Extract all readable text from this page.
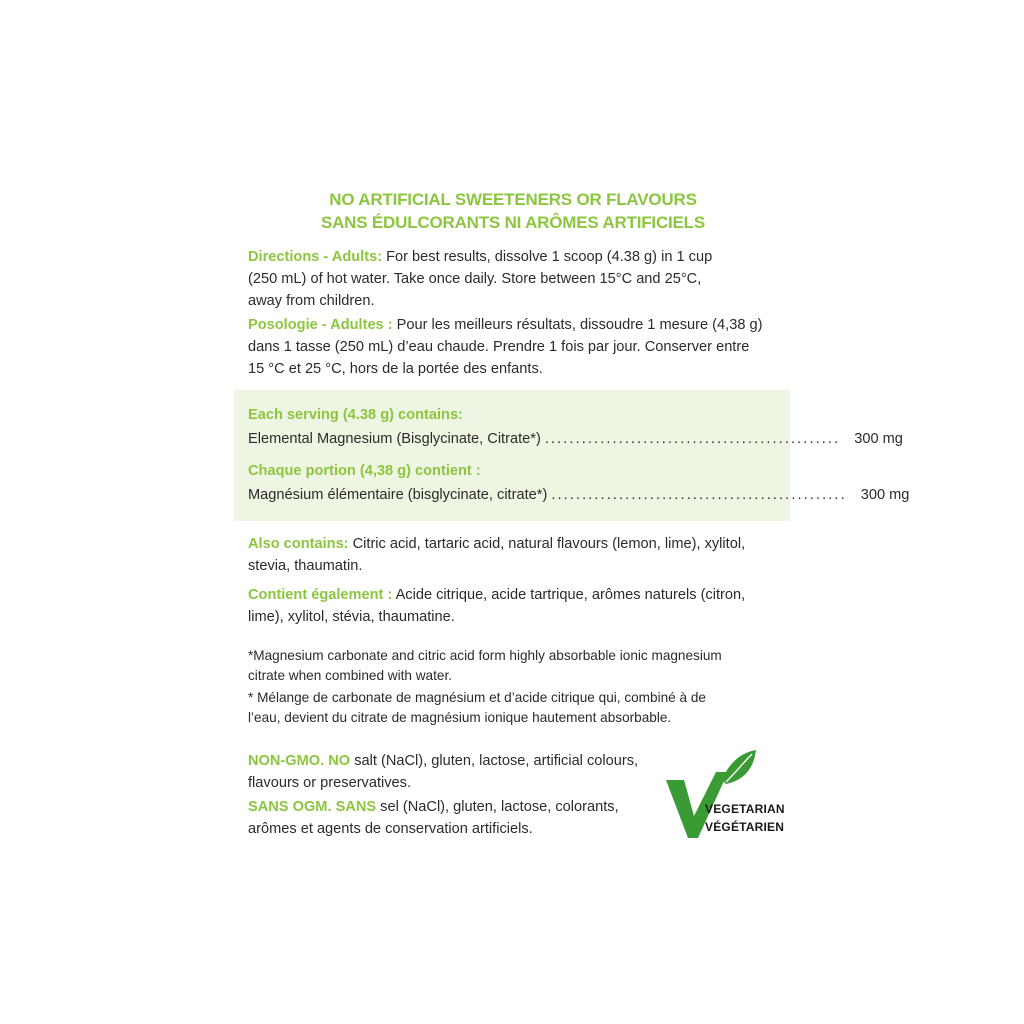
NO ARTIFICIAL SWEETENERS OR FLAVOURS
SANS ÉDULCORANTS NI ARÔMES ARTIFICIELS
Directions - Adults: For best results, dissolve 1 scoop (4.38 g) in 1 cup
(250 mL) of hot water. Take once daily. Store between 15°C and 25°C,
away from children.
Posologie - Adultes : Pour les meilleurs résultats, dissoudre 1 mesure (4,38 g)
dans 1 tasse (250 mL) d’eau chaude. Prendre 1 fois par jour. Conserver entre
15 °C et 25 °C, hors de la portée des enfants.
Each serving (4.38 g) contains:
Elemental Magnesium (Bisglycinate, Citrate*) ................................................ 300 mg
Chaque portion (4,38 g) contient :
Magnésium élémentaire (bisglycinate, citrate*) ................................................ 300 mg
Also contains: Citric acid, tartaric acid, natural flavours (lemon, lime), xylitol,
stevia, thaumatin.
Contient également : Acide citrique, acide tartrique, arômes naturels (citron,
lime), xylitol, stévia, thaumatine.
*Magnesium carbonate and citric acid form highly absorbable ionic magnesium
citrate when combined with water.
* Mélange de carbonate de magnésium et d’acide citrique qui, combiné à de
l’eau, devient du citrate de magnésium ionique hautement absorbable.
NON-GMO. NO salt (NaCl), gluten, lactose, artificial colours,
flavours or preservatives.
SANS OGM. SANS sel (NaCl), gluten, lactose, colorants,
arômes et agents de conservation artificiels.
VEGETARIAN
VÉGÉTARIEN
